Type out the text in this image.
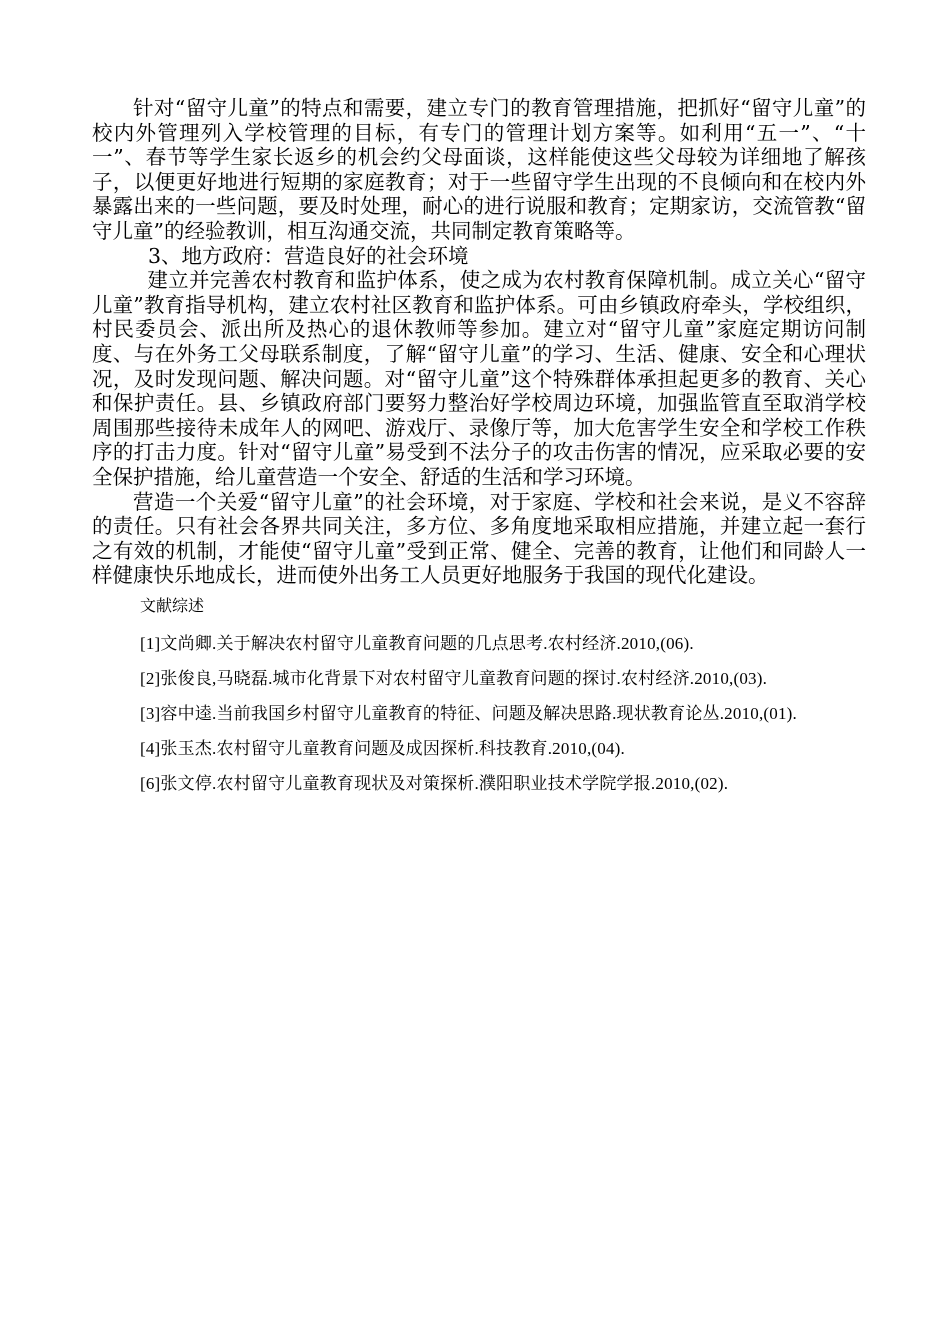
针对“留守儿童”的特点和需要，建立专门的教育管理措施，把抓好“留守儿童”的校内外管理列入学校管理的目标，有专门的管理计划方案等。如利用“五一”、“十一”、春节等学生家长返乡的机会约父母面谈，这样能使这些父母较为详细地了解孩子，以便更好地进行短期的家庭教育；对于一些留守学生出现的不良倾向和在校内外暴露出来的一些问题，要及时处理，耐心的进行说服和教育；定期家访，交流管教“留守儿童”的经验教训，相互沟通交流，共同制定教育策略等。

3、地方政府：营造良好的社会环境

建立并完善农村教育和监护体系，使之成为农村教育保障机制。成立关心“留守儿童”教育指导机构，建立农村社区教育和监护体系。可由乡镇政府牵头，学校组织，村民委员会、派出所及热心的退休教师等参加。建立对“留守儿童”家庭定期访问制度、与在外务工父母联系制度，了解“留守儿童”的学习、生活、健康、安全和心理状况，及时发现问题、解决问题。对“留守儿童”这个特殊群体承担起更多的教育、关心和保护责任。县、乡镇政府部门要努力整治好学校周边环境，加强监管直至取消学校周围那些接待未成年人的网吧、游戏厅、录像厅等，加大危害学生安全和学校工作秩序的打击力度。针对“留守儿童”易受到不法分子的攻击伤害的情况，应采取必要的安全保护措施，给儿童营造一个安全、舒适的生活和学习环境。

营造一个关爱“留守儿童”的社会环境，对于家庭、学校和社会来说，是义不容辞的责任。只有社会各界共同关注，多方位、多角度地采取相应措施，并建立起一套行之有效的机制，才能使“留守儿童”受到正常、健全、完善的教育，让他们和同龄人一样健康快乐地成长，进而使外出务工人员更好地服务于我国的现代化建设。

文献综述

[1]文尚卿.关于解决农村留守儿童教育问题的几点思考.农村经济.2010,(06).

[2]张俊良,马晓磊.城市化背景下对农村留守儿童教育问题的探讨.农村经济.2010,(03).

[3]容中逵.当前我国乡村留守儿童教育的特征、问题及解决思路.现状教育论丛.2010,(01).

[4]张玉杰.农村留守儿童教育问题及成因探析.科技教育.2010,(04).

[6]张文停.农村留守儿童教育现状及对策探析.濮阳职业技术学院学报.2010,(02).
